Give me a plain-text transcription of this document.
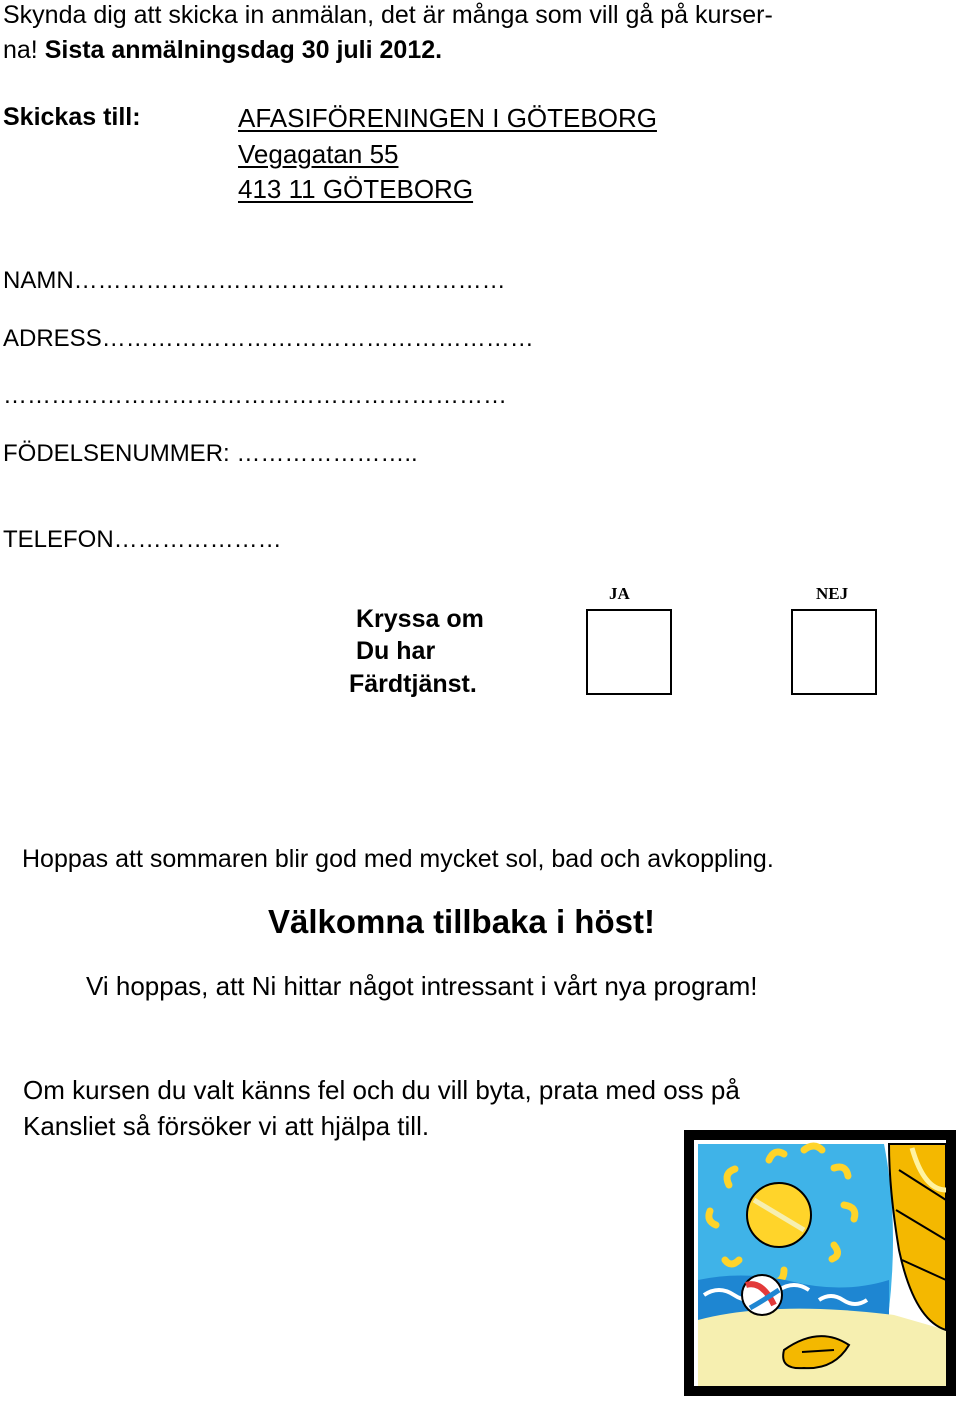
Skynda dig att skicka in anmälan, det är många som vill gå på kurser-
na! Sista anmälningsdag 30 juli 2012.
Skickas till:	AFASIFÖRENINGEN I GÖTEBORG
Vegagatan 55
413 11 GÖTEBORG
NAMN………………………………………………
ADRESS………………………………………………
………………………………………………………
FÖDELSENUMMER: …………………..
TELEFON…………………
Kryssa om
Du har
Färdtjänst.
JA	NEJ
Hoppas att sommaren blir god med mycket sol, bad och avkoppling.
Välkomna tillbaka i höst!
Vi hoppas, att Ni hittar något intressant i vårt nya program!
Om kursen du valt känns fel och du vill byta, prata med oss på
Kansliet så försöker vi att hjälpa till.
